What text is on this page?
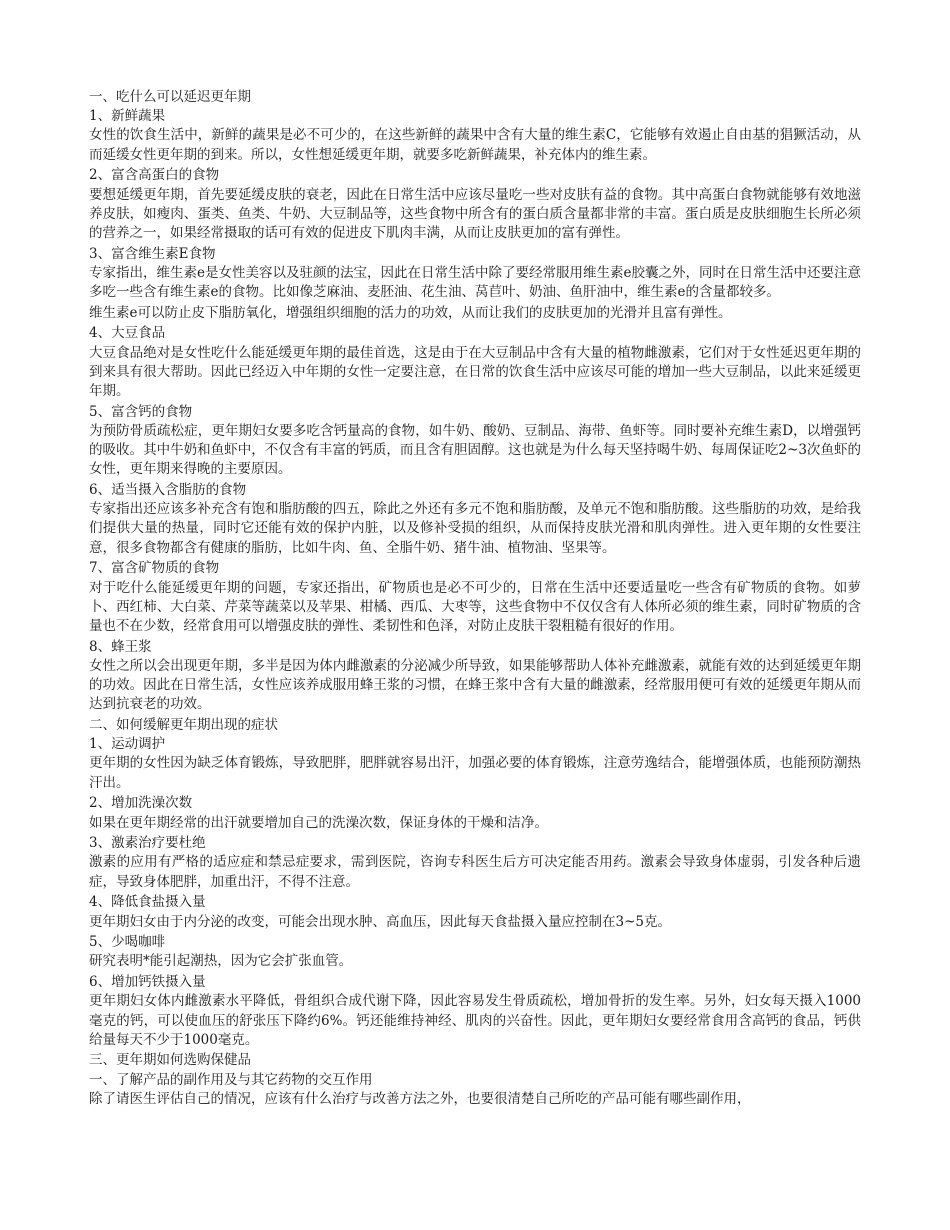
一、吃什么可以延迟更年期

1、新鲜蔬果

女性的饮食生活中，新鲜的蔬果是必不可少的，在这些新鲜的蔬果中含有大量的维生素C，它能够有效遏止自由基的猖獗活动，从而延缓女性更年期的到来。所以，女性想延缓更年期，就要多吃新鲜蔬果，补充体内的维生素。

2、富含高蛋白的食物

要想延缓更年期，首先要延缓皮肤的衰老，因此在日常生活中应该尽量吃一些对皮肤有益的食物。其中高蛋白食物就能够有效地滋养皮肤，如瘦肉、蛋类、鱼类、牛奶、大豆制品等，这些食物中所含有的蛋白质含量都非常的丰富。蛋白质是皮肤细胞生长所必须的营养之一，如果经常摄取的话可有效的促进皮下肌肉丰满，从而让皮肤更加的富有弹性。

3、富含维生素E食物

专家指出，维生素e是女性美容以及驻颜的法宝，因此在日常生活中除了要经常服用维生素e胶囊之外，同时在日常生活中还要注意多吃一些含有维生素e的食物。比如像芝麻油、麦胚油、花生油、莴苣叶、奶油、鱼肝油中，维生素e的含量都较多。

维生素e可以防止皮下脂肪氧化，增强组织细胞的活力的功效，从而让我们的皮肤更加的光滑并且富有弹性。

4、大豆食品

大豆食品绝对是女性吃什么能延缓更年期的最佳首选，这是由于在大豆制品中含有大量的植物雌激素，它们对于女性延迟更年期的到来具有很大帮助。因此已经迈入中年期的女性一定要注意，在日常的饮食生活中应该尽可能的增加一些大豆制品，以此来延缓更年期。

5、富含钙的食物

为预防骨质疏松症，更年期妇女要多吃含钙量高的食物，如牛奶、酸奶、豆制品、海带、鱼虾等。同时要补充维生素D，以增强钙的吸收。其中牛奶和鱼虾中，不仅含有丰富的钙质，而且含有胆固醇。这也就是为什么每天坚持喝牛奶、每周保证吃2~3次鱼虾的女性，更年期来得晚的主要原因。

6、适当摄入含脂肪的食物

专家指出还应该多补充含有饱和脂肪酸的四五，除此之外还有多元不饱和脂肪酸，及单元不饱和脂肪酸。这些脂肪的功效，是给我们提供大量的热量，同时它还能有效的保护内脏，以及修补受损的组织，从而保持皮肤光滑和肌肉弹性。进入更年期的女性要注意，很多食物都含有健康的脂肪，比如牛肉、鱼、全脂牛奶、猪牛油、植物油、坚果等。

7、富含矿物质的食物

对于吃什么能延缓更年期的问题，专家还指出，矿物质也是必不可少的，日常在生活中还要适量吃一些含有矿物质的食物。如萝卜、西红柿、大白菜、芹菜等蔬菜以及苹果、柑橘、西瓜、大枣等，这些食物中不仅仅含有人体所必须的维生素，同时矿物质的含量也不在少数，经常食用可以增强皮肤的弹性、柔韧性和色泽，对防止皮肤干裂粗糙有很好的作用。

8、蜂王浆

女性之所以会出现更年期，多半是因为体内雌激素的分泌减少所导致，如果能够帮助人体补充雌激素，就能有效的达到延缓更年期的功效。因此在日常生活，女性应该养成服用蜂王浆的习惯，在蜂王浆中含有大量的雌激素，经常服用便可有效的延缓更年期从而达到抗衰老的功效。

二、如何缓解更年期出现的症状

1、运动调护

更年期的女性因为缺乏体育锻炼，导致肥胖，肥胖就容易出汗，加强必要的体育锻炼，注意劳逸结合，能增强体质，也能预防潮热汗出。

2、增加洗澡次数

如果在更年期经常的出汗就要增加自己的洗澡次数，保证身体的干燥和洁净。

3、激素治疗要杜绝

激素的应用有严格的适应症和禁忌症要求，需到医院，咨询专科医生后方可决定能否用药。激素会导致身体虚弱，引发各种后遗症，导致身体肥胖，加重出汗，不得不注意。

4、降低食盐摄入量

更年期妇女由于内分泌的改变，可能会出现水肿、高血压，因此每天食盐摄入量应控制在3~5克。

5、少喝咖啡

研究表明*能引起潮热，因为它会扩张血管。

6、增加钙铁摄入量

更年期妇女体内雌激素水平降低，骨组织合成代谢下降，因此容易发生骨质疏松，增加骨折的发生率。另外，妇女每天摄入1000毫克的钙，可以使血压的舒张压下降约6%。钙还能维持神经、肌肉的兴奋性。因此，更年期妇女要经常食用含高钙的食品，钙供给量每天不少于1000毫克。

三、更年期如何选购保健品

一、了解产品的副作用及与其它药物的交互作用

除了请医生评估自己的情况，应该有什么治疗与改善方法之外，也要很清楚自己所吃的产品可能有哪些副作用，
